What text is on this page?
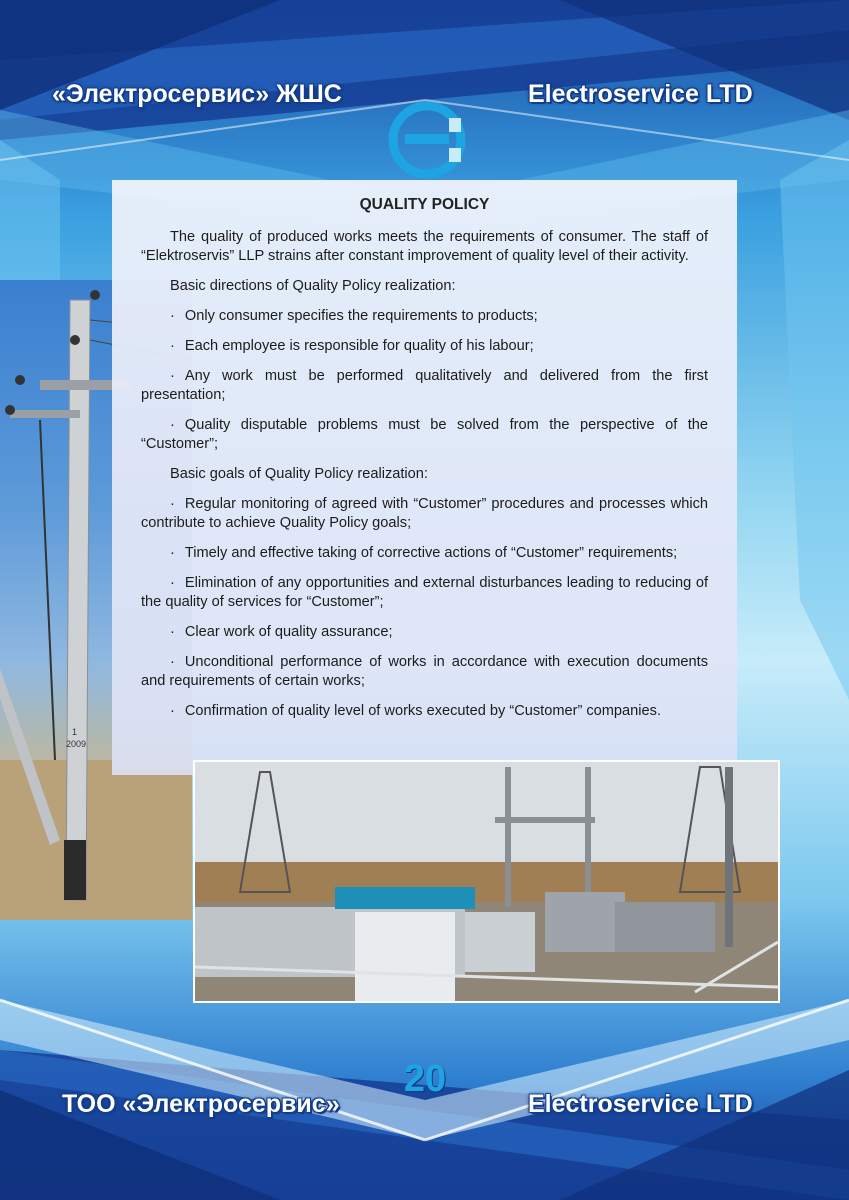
«Электросервис» ЖШС	Electroservice LTD
1
2009
QUALITY POLICY

The quality of produced works meets the requirements of consumer. The staff of “Elektroservis” LLP strains after constant improvement of quality level of their activity.

Basic directions of Quality Policy realization:

· Only consumer specifies the requirements to products;

· Each employee is responsible for quality of his labour;

· Any work must be performed qualitatively and delivered from the first presentation;

· Quality disputable problems must be solved from the perspective of the “Customer”;

Basic goals of Quality Policy realization:

· Regular monitoring of agreed with “Customer” procedures and processes which contribute to achieve Quality Policy goals;

· Timely and effective taking of corrective actions of “Customer” requirements;

· Elimination of any opportunities and external disturbances leading to reducing of the quality of services for “Customer”;

· Clear work of quality assurance;

· Unconditional performance of works in accordance with execution documents and requirements of certain works;

· Confirmation of quality level of works executed by “Customer” companies.

20
ТОО «Электросервис»	Electroservice LTD
